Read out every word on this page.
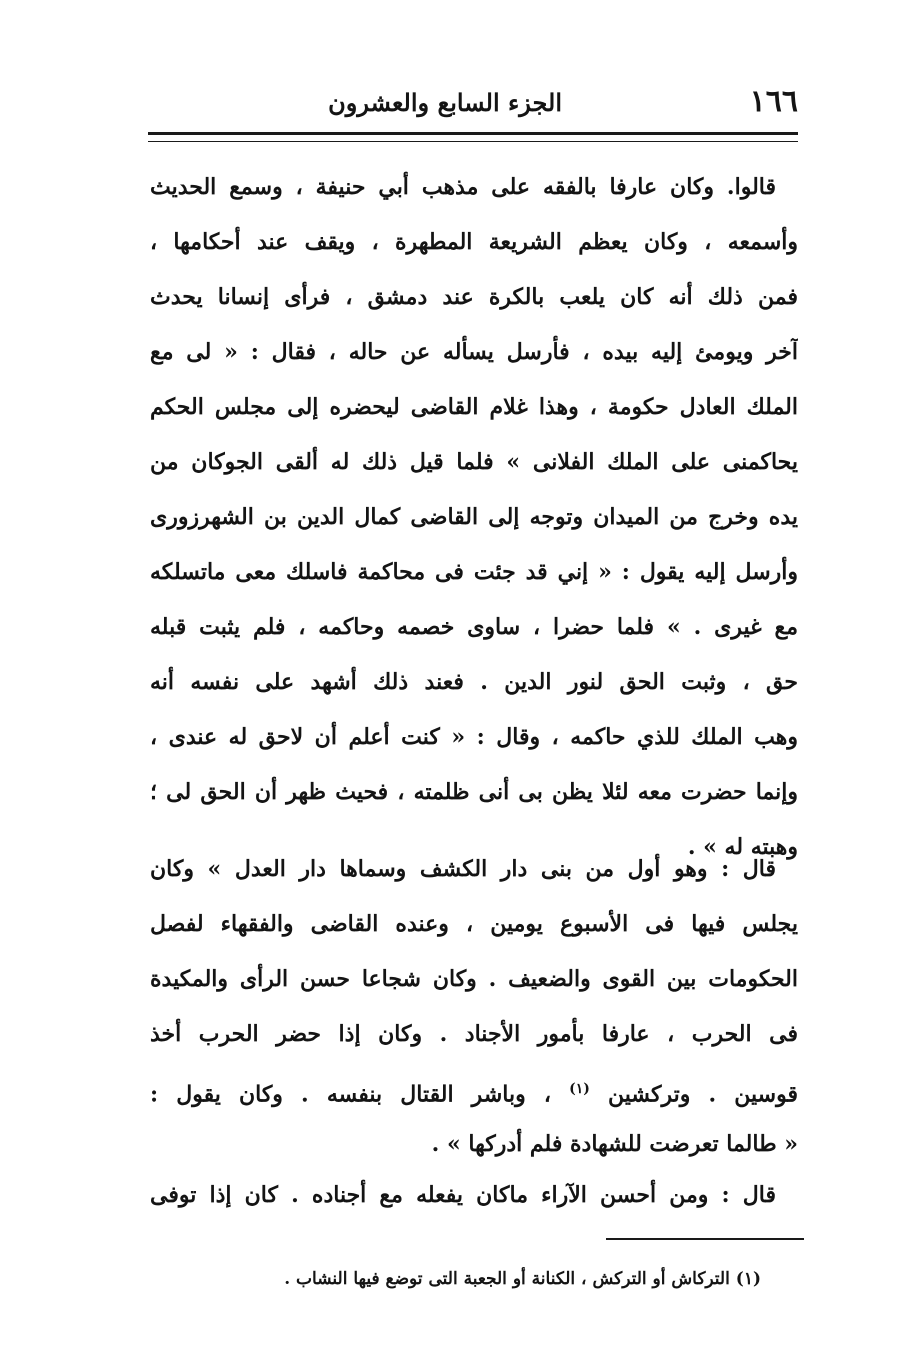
١٦٦
الجزء السابع والعشرون
قالوا. وكان عارفا بالفقه على مذهب أبي حنيفة ، وسمع الحديث
وأسمعه ، وكان يعظم الشريعة المطهرة ، ويقف عند أحكامها ،
فمن ذلك أنه كان يلعب بالكرة عند دمشق ، فرأى إنسانا يحدث
آخر ويومئ إليه بيده ، فأرسل يسأله عن حاله ، فقال : « لى مع
الملك العادل حكومة ، وهذا غلام القاضى ليحضره إلى مجلس الحكم
يحاكمنى على الملك الفلانى » فلما قيل ذلك له ألقى الجوكان من
يده وخرج من الميدان وتوجه إلى القاضى كمال الدين بن الشهرزورى
وأرسل إليه يقول : « إني قد جئت فى محاكمة فاسلك معى ماتسلكه
مع غيرى . » فلما حضرا ، ساوى خصمه وحاكمه ، فلم يثبت قبله
حق ، وثبت الحق لنور الدين . فعند ذلك أشهد على نفسه أنه
وهب الملك للذي حاكمه ، وقال : « كنت أعلم أن لاحق له عندى ،
وإنما حضرت معه لئلا يظن بى أنى ظلمته ، فحيث ظهر أن الحق لى ؛
وهبته له » .
قال : وهو أول من بنى دار الكشف وسماها دار العدل » وكان
يجلس فيها فى الأسبوع يومين ، وعنده القاضى والفقهاء لفصل
الحكومات بين القوى والضعيف . وكان شجاعا حسن الرأى والمكيدة
فى الحرب ، عارفا بأمور الأجناد . وكان إذا حضر الحرب أخذ
قوسين . وتركشين $^{(١)}$ ، وباشر القتال بنفسه . وكان يقول :
« طالما تعرضت للشهادة فلم أدركها » .
قال : ومن أحسن الآراء ماكان يفعله مع أجناده . كان إذا توفى
(١) التركاش أو التركش ، الكنانة أو الجعبة التى توضع فيها النشاب .
